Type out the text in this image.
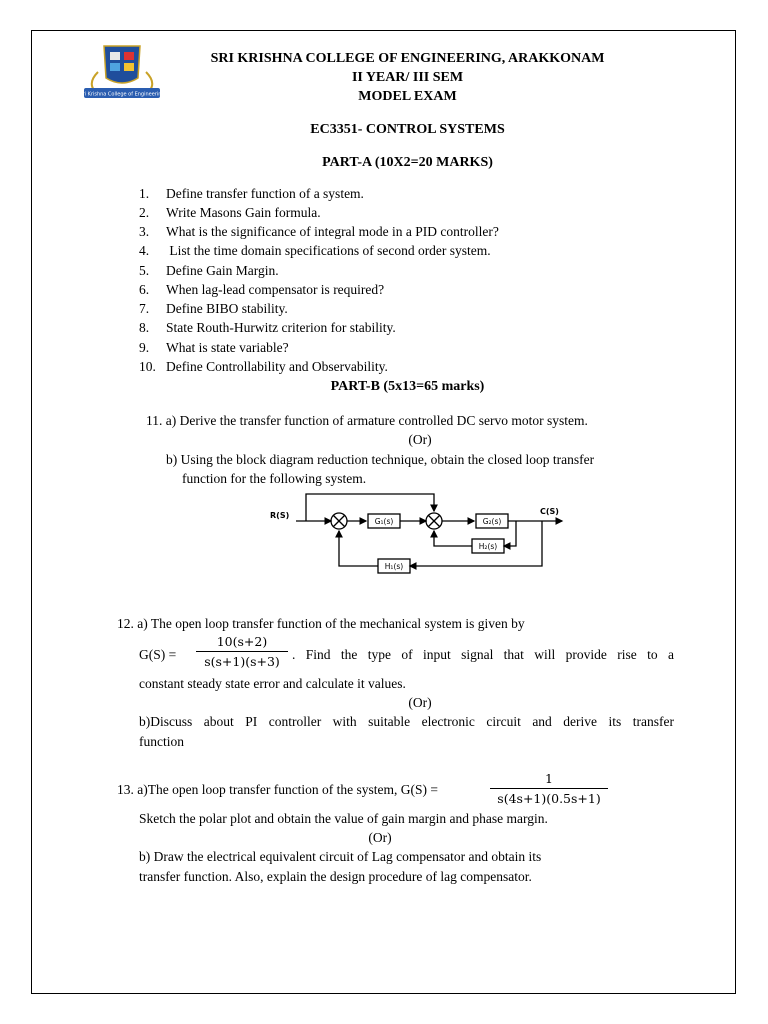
Sri Krishna College of Engineering
SRI KRISHNA COLLEGE OF ENGINEERING, ARAKKONAM
II YEAR/ III SEM
MODEL EXAM
EC3351- CONTROL SYSTEMS
PART-A (10X2=20 MARKS)
1. Define transfer function of a system.
2. Write Masons Gain formula.
3. What is the significance of integral mode in a PID controller?
4. List the time domain specifications of second order system.
5. Define Gain Margin.
6. When lag-lead compensator is required?
7. Define BIBO stability.
8. State Routh-Hurwitz criterion for stability.
9. What is state variable?
10. Define Controllability and Observability.
PART-B (5x13=65 marks)
11. a) Derive the transfer function of armature controlled DC servo motor system.
(Or)
b) Using the block diagram reduction technique, obtain the closed loop transfer
function for the following system.
R(S)	C(S)
G₁(s)	G₂(s)
H₂(s)
H₁(s)
12. a) The open loop transfer function of the mechanical system is given by
G(S) =
10(s+2)
s(s+1)(s+3) . Find the type of input signal that will provide rise to a
constant steady state error and calculate it values.
(Or)
b)Discuss about PI controller with suitable electronic circuit and derive its transfer
function
13. a)The open loop transfer function of the system, G(S) =
1
s(4s+1)(0.5s+1)
Sketch the polar plot and obtain the value of gain margin and phase margin.
(Or)
b) Draw the electrical equivalent circuit of Lag compensator and obtain its
transfer function. Also, explain the design procedure of lag compensator.
